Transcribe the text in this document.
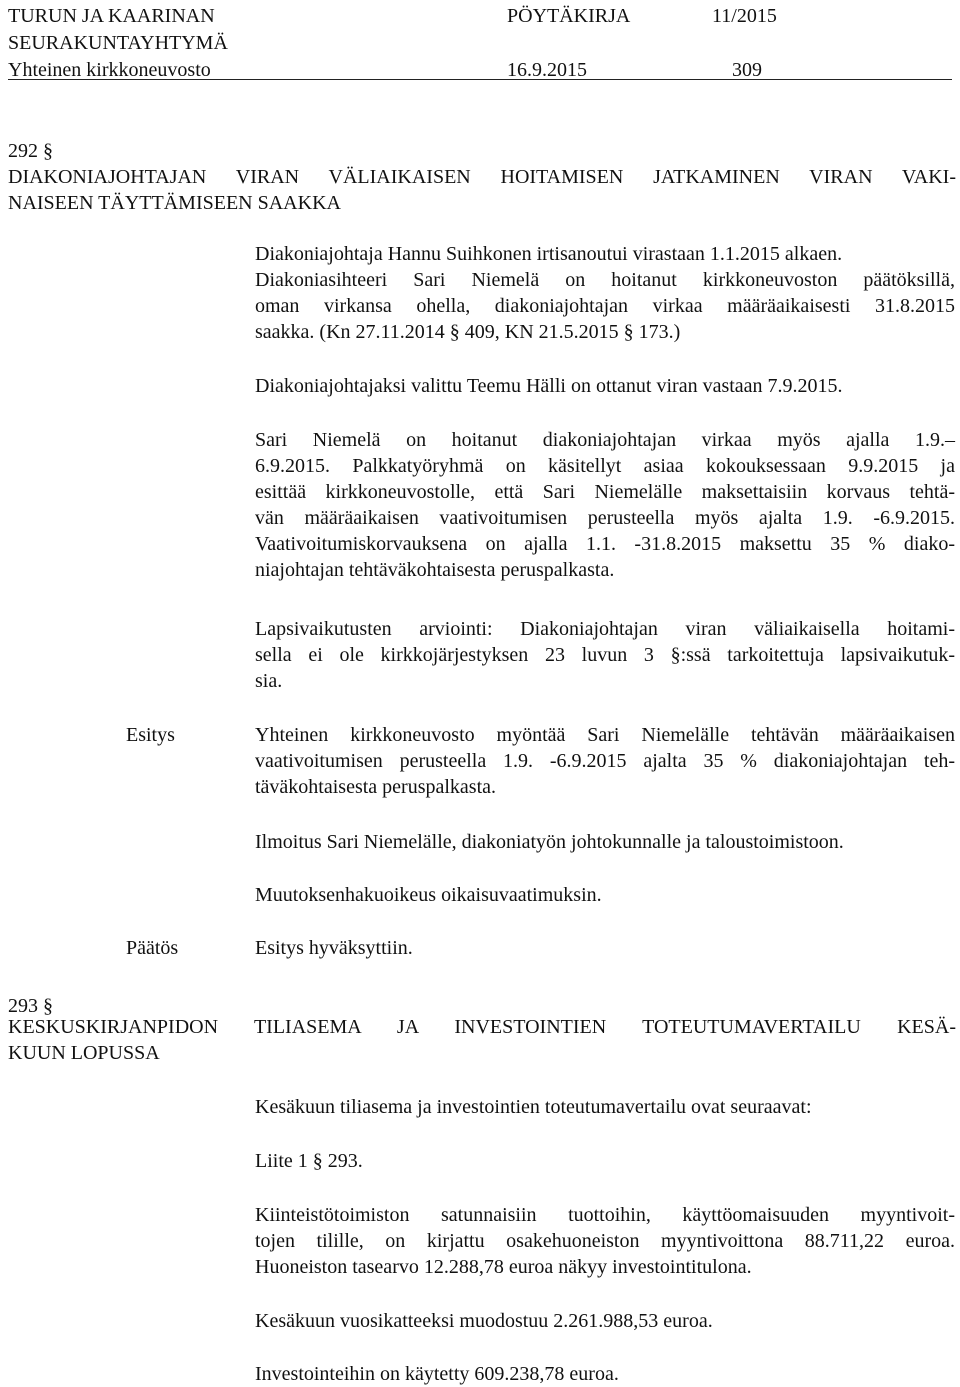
TURUN JA KAARINAN
SEURAKUNTAYHTYMÄ
Yhteinen kirkkoneuvosto
PÖYTÄKIRJA
16.9.2015
11/2015
309
292 §
DIAKONIAJOHTAJAN VIRAN VÄLIAIKAISEN HOITAMISEN JATKAMINEN VIRAN VAKI-
NAISEEN TÄYTTÄMISEEN SAAKKA
Diakoniajohtaja Hannu Suihkonen irtisanoutui virastaan 1.1.2015 alkaen.
Diakoniasihteeri Sari Niemelä on hoitanut kirkkoneuvoston päätöksillä,
oman virkansa ohella, diakoniajohtajan virkaa määräaikaisesti 31.8.2015
saakka. (Kn 27.11.2014 § 409, KN 21.5.2015 § 173.)
Diakoniajohtajaksi valittu Teemu Hälli on ottanut viran vastaan 7.9.2015.
Sari Niemelä on hoitanut diakoniajohtajan virkaa myös ajalla 1.9.–
6.9.2015. Palkkatyöryhmä on käsitellyt asiaa kokouksessaan 9.9.2015 ja
esittää kirkkoneuvostolle, että Sari Niemelälle maksettaisiin korvaus tehtä-
vän määräaikaisen vaativoitumisen perusteella myös ajalta 1.9. -6.9.2015.
Vaativoitumiskorvauksena on ajalla 1.1. -31.8.2015 maksettu 35 % diako-
niajohtajan tehtäväkohtaisesta peruspalkasta.
Lapsivaikutusten arviointi: Diakoniajohtajan viran väliaikaisella hoitami-
sella ei ole kirkkojärjestyksen 23 luvun 3 §:ssä tarkoitettuja lapsivaikutuk-
sia.
Esitys	Yhteinen kirkkoneuvosto myöntää Sari Niemelälle tehtävän määräaikaisen
vaativoitumisen perusteella 1.9. -6.9.2015 ajalta 35 % diakoniajohtajan teh-
täväkohtaisesta peruspalkasta.
Ilmoitus Sari Niemelälle, diakoniatyön johtokunnalle ja taloustoimistoon.
Muutoksenhakuoikeus oikaisuvaatimuksin.
Päätös	Esitys hyväksyttiin.
293 §
KESKUSKIRJANPIDON TILIASEMA JA INVESTOINTIEN TOTEUTUMAVERTAILU KESÄ-
KUUN LOPUSSA
Kesäkuun tiliasema ja investointien toteutumavertailu ovat seuraavat:
Liite 1 § 293.
Kiinteistötoimiston satunnaisiin tuottoihin, käyttöomaisuuden myyntivoit-
tojen tilille, on kirjattu osakehuoneiston myyntivoittona 88.711,22 euroa.
Huoneiston tasearvo 12.288,78 euroa näkyy investointitulona.
Kesäkuun vuosikatteeksi muodostuu 2.261.988,53 euroa.
Investointeihin on käytetty 609.238,78 euroa.
